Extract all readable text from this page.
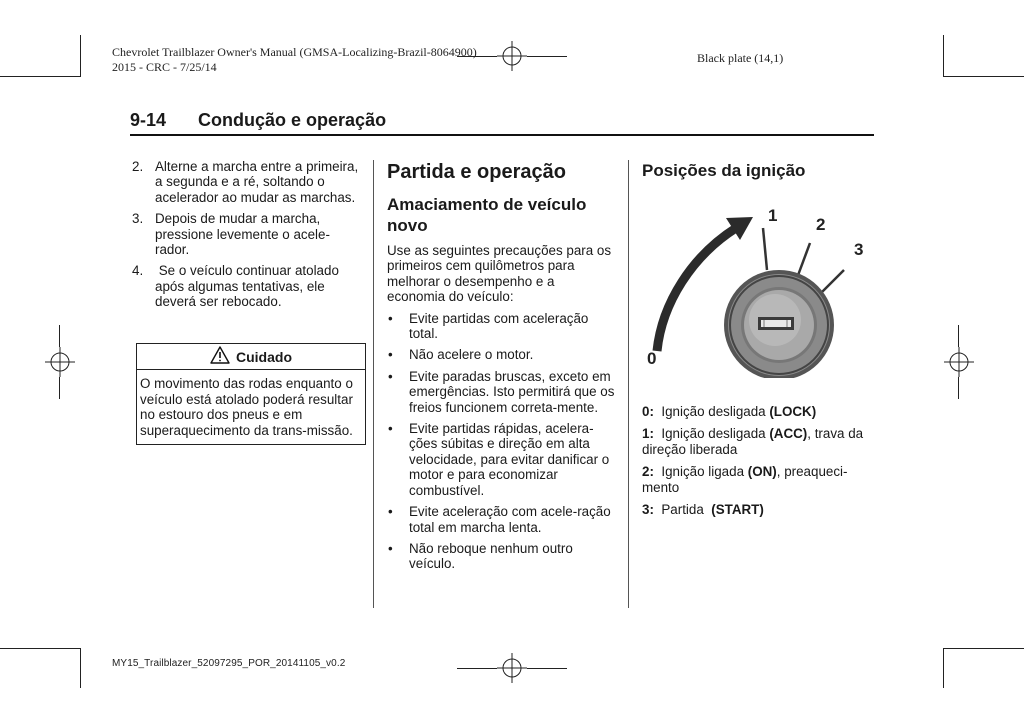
Chevrolet Trailblazer Owner's Manual (GMSA-Localizing-Brazil-8064900)
2015 - CRC - 7/25/14
Black plate (14,1)
9-14 Condução e operação
2. Alterne a marcha entre a primeira, a segunda e a ré, soltando o acelerador ao mudar as marchas.
3. Depois de mudar a marcha, pressione levemente o acele-rador.
4. Se o veículo continuar atolado após algumas tentativas, ele deverá ser rebocado.
Cuidado
O movimento das rodas enquanto o veículo está atolado poderá resultar no estouro dos pneus e em superaquecimento da trans-missão.
Partida e operação
Amaciamento de veículo novo
Use as seguintes precauções para os primeiros cem quilômetros para melhorar o desempenho e a economia do veículo:
•	Evite partidas com aceleração total.
•	Não acelere o motor.
•	Evite paradas bruscas, exceto em emergências. Isto permitirá que os freios funcionem correta-mente.
•	Evite partidas rápidas, acelera-ções súbitas e direção em alta velocidade, para evitar danificar o motor e para economizar combustível.
•	Evite aceleração com acele-ração total em marcha lenta.
•	Não reboque nenhum outro veículo.
Posições da ignição
0
1 2
3

0: Ignição desligada (LOCK)

1: Ignição desligada (ACC), trava da direção liberada

2: Ignição ligada (ON), preaqueci-mento

3: Partida  (START)

MY15_Trailblazer_52097295_POR_20141105_v0.2
